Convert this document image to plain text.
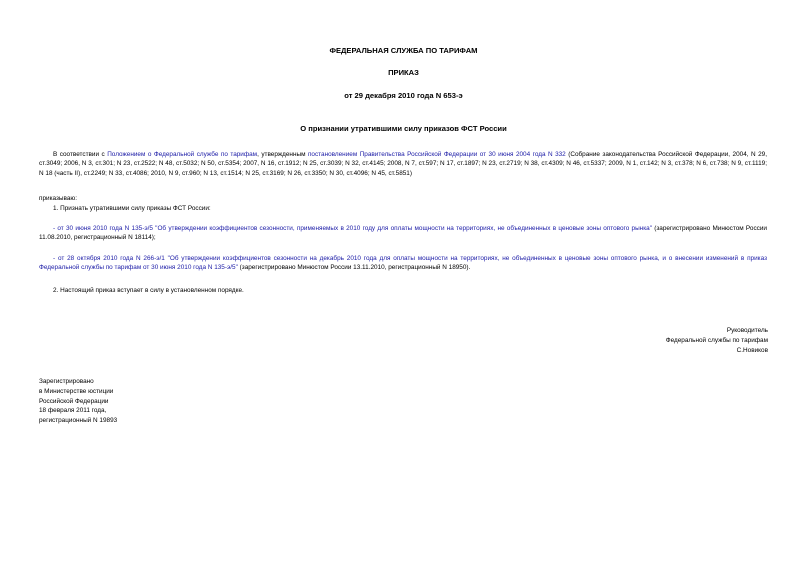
ФЕДЕРАЛЬНАЯ СЛУЖБА ПО ТАРИФАМ
ПРИКАЗ
от 29 декабря 2010 года N 653-э
О признании утратившими силу приказов ФСТ России

В соответствии с Положением о Федеральной службе по тарифам, утвержденным постановлением Правительства Российской Федерации от 30 июня 2004 года N 332 (Собрание законодательства Российской Федерации, 2004, N 29, ст.3049; 2006, N 3, ст.301; N 23, ст.2522; N 48, ст.5032; N 50, ст.5354; 2007, N 16, ст.1912; N 25, ст.3039; N 32, ст.4145; 2008, N 7, ст.597; N 17, ст.1897; N 23, ст.2719; N 38, ст.4309; N 46, ст.5337; 2009, N 1, ст.142; N 3, ст.378; N 6, ст.738; N 9, ст.1119; N 18 (часть II), ст.2249; N 33, ст.4086; 2010, N 9, ст.960; N 13, ст.1514; N 25, ст.3169; N 26, ст.3350; N 30, ст.4096; N 45, ст.5851)

приказываю:

1. Признать утратившими силу приказы ФСТ России:

- от 30 июня 2010 года N 135-э/5 "Об утверждении коэффициентов сезонности, применяемых в 2010 году для оплаты мощности на территориях, не объединенных в ценовые зоны оптового рынка" (зарегистрировано Минюстом России 11.08.2010, регистрационный N 18114);

- от 28 октября 2010 года N 266-э/1 "Об утверждении коэффициентов сезонности на декабрь 2010 года для оплаты мощности на территориях, не объединенных в ценовые зоны оптового рынка, и о внесении изменений в приказ Федеральной службы по тарифам от 30 июня 2010 года N 135-э/5" (зарегистрировано Минюстом России 13.11.2010, регистрационный N 18950).

2. Настоящий приказ вступает в силу в установленном порядке.

Руководитель
Федеральной службы по тарифам
С.Новиков
Зарегистрировано
в Министерстве юстиции
Российской Федерации
18 февраля 2011 года,
регистрационный N 19893
